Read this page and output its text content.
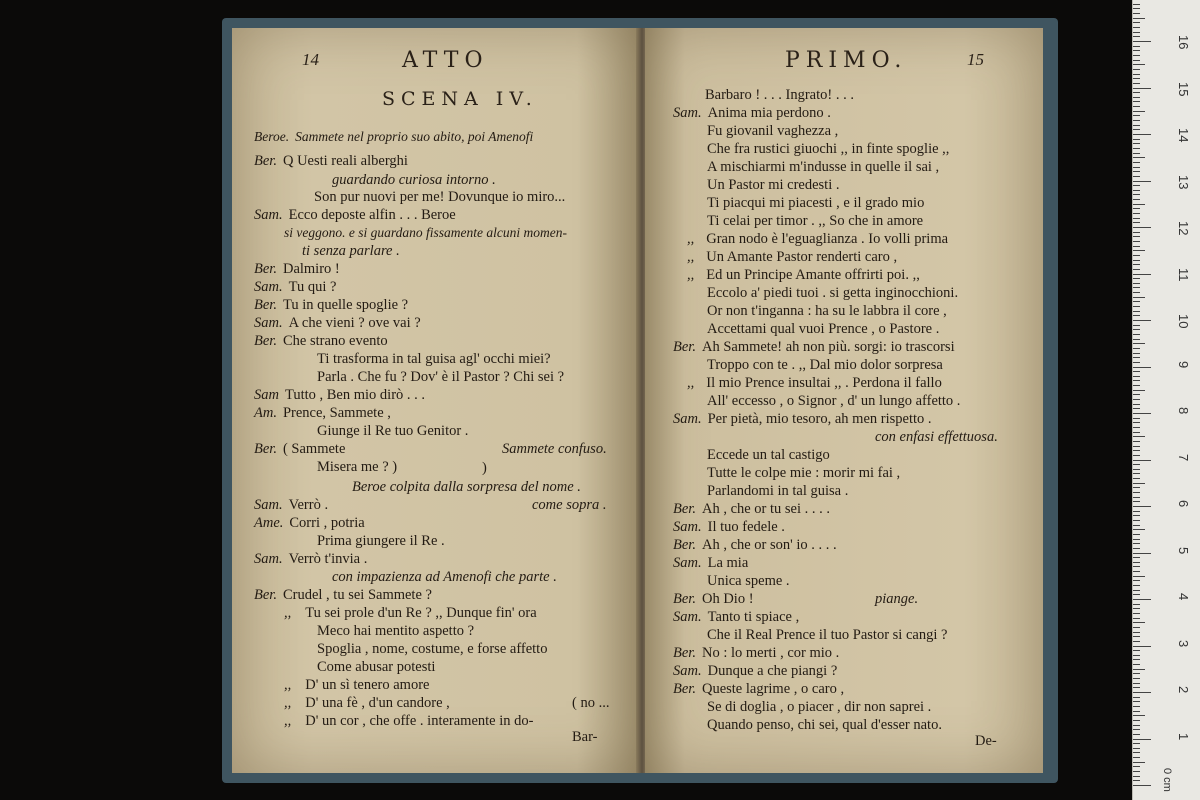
14	ATTO
SCENA IV.
Beroe. Sammete nel proprio suo abito, poi Amenofi
Ber. Q Uesti reali alberghi
guardando curiosa intorno .
Son pur nuovi per me! Dovunque io miro...
Sam. Ecco deposte alfin . . . Beroe
si veggono. e si guardano fissamente alcuni momen-
ti senza parlare .
Ber. Dalmiro !
Sam. Tu qui ?
Ber. Tu in quelle spoglie ?
Sam. A che vieni ? ove vai ?
Ber. Che strano evento
Ti trasforma in tal guisa agl' occhi miei?
Parla . Che fu ? Dov' è il Pastor ? Chi sei ?
Sam Tutto , Ben mio dirò . . .
Am. Prence, Sammete ,
Giunge il Re tuo Genitor .
Ber. ( Sammete	Sammete confuso.
Misera me ? )	)
Beroe colpita dalla sorpresa del nome .
Sam. Verrò .	come sopra .
Ame. Corri , potria
Prima giungere il Re .
Sam. Verrò t'invia .
con impazienza ad Amenofi che parte .
Ber. Crudel , tu sei Sammete ?
,, Tu sei prole d'un Re ? ,, Dunque fin' ora
Meco hai mentito aspetto ?
Spoglia , nome, costume, e forse affetto
Come abusar potesti
,, D' un sì tenero amore
,, D' una fè , d'un candore ,	( no ...
,, D' un cor , che offe . interamente in do-
Bar-
PRIMO.	15
Barbaro ! . . . Ingrato! . . .
Sam. Anima mia perdono .
Fu giovanil vaghezza ,
Che fra rustici giuochi ,, in finte spoglie ,,
A mischiarmi m'indusse in quelle il sai ,
Un Pastor mi credesti .
Ti piacqui mi piacesti , e il grado mio
Ti celai per timor . ,, So che in amore
,, Gran nodo è l'eguaglianza . Io volli prima
,, Un Amante Pastor renderti caro ,
,, Ed un Principe Amante offrirti poi. ,,
Eccolo a' piedi tuoi . si getta inginocchioni.
Or non t'inganna : ha su le labbra il core ,
Accettami qual vuoi Prence , o Pastore .
Ber. Ah Sammete! ah non più. sorgi: io trascorsi
Troppo con te . ,, Dal mio dolor sorpresa
,, Il mio Prence insultai ,, . Perdona il fallo
All' eccesso , o Signor , d' un lungo affetto .
Sam. Per pietà, mio tesoro, ah men rispetto .
con enfasi effettuosa.
Eccede un tal castigo
Tutte le colpe mie : morir mi fai ,
Parlandomi in tal guisa .
Ber. Ah , che or tu sei . . . .
Sam. Il tuo fedele .
Ber. Ah , che or son' io . . . .
Sam. La mia
Unica speme .
Ber. Oh Dio !	piange.
Sam. Tanto ti spiace ,
Che il Real Prence il tuo Pastor si cangi ?
Ber. No : lo merti , cor mio .
Sam. Dunque a che piangi ?
Ber. Queste lagrime , o caro ,
Se di doglia , o piacer , dir non saprei .
Quando penso, chi sei, qual d'esser nato.
De-
0 cm
1
2
3
4
5
6
7
8
9
10
11
12
13
14
15
16
